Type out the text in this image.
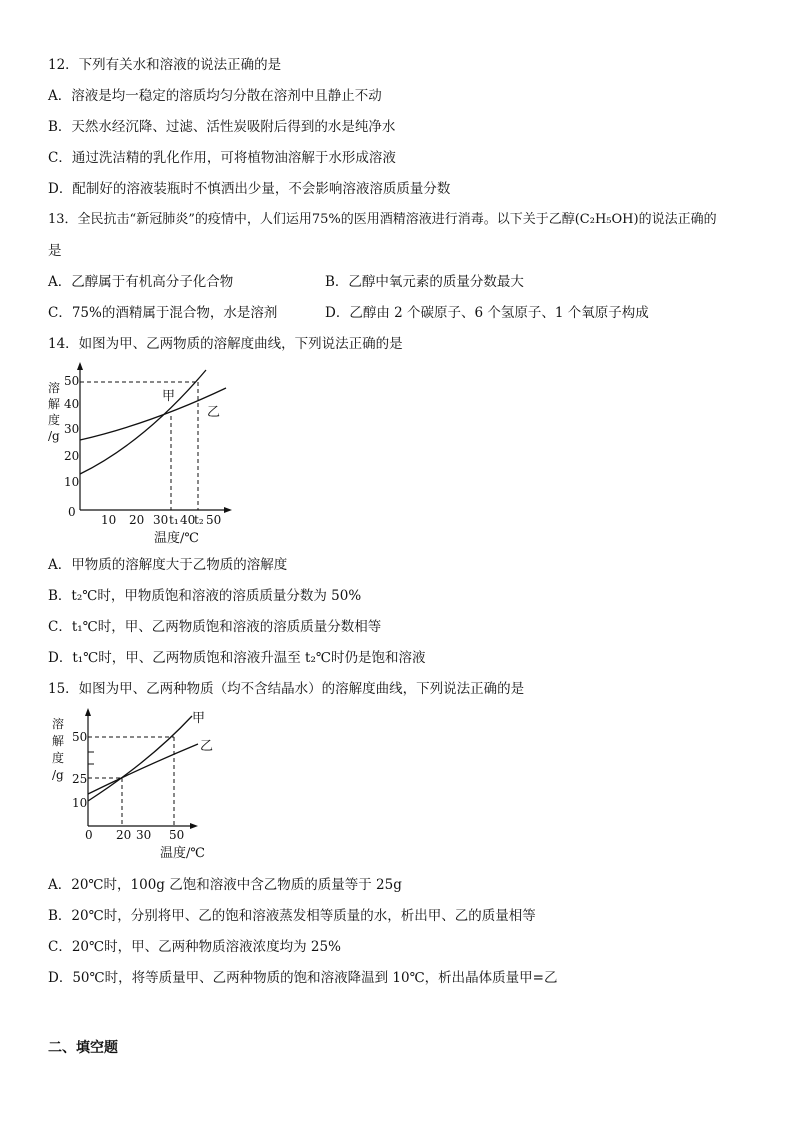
12．下列有关水和溶液的说法正确的是
A．溶液是均一稳定的溶质均匀分散在溶剂中且静止不动
B．天然水经沉降、过滤、活性炭吸附后得到的水是纯净水
C．通过洗洁精的乳化作用，可将植物油溶解于水形成溶液
D．配制好的溶液装瓶时不慎洒出少量，不会影响溶液溶质质量分数
13．全民抗击“新冠肺炎”的疫情中，人们运用75%的医用酒精溶液进行消毒。以下关于乙醇(C₂H₅OH)的说法正确的
是
A．乙醇属于有机高分子化合物	B．乙醇中氧元素的质量分数最大
C．75%的酒精属于混合物，水是溶剂	D．乙醇由 2 个碳原子、6 个氢原子、1 个氧原子构成
14．如图为甲、乙两物质的溶解度曲线，下列说法正确的是
溶
解
度
/g
10
20
30
40
50
0
10 20 30 t₁ 40
t₂ 50
温度/℃
甲
乙
A．甲物质的溶解度大于乙物质的溶解度
B．t₂℃时，甲物质饱和溶液的溶质质量分数为 50%
C．t₁℃时，甲、乙两物质饱和溶液的溶质质量分数相等
D．t₁℃时，甲、乙两物质饱和溶液升温至 t₂℃时仍是饱和溶液
15．如图为甲、乙两种物质（均不含结晶水）的溶解度曲线，下列说法正确的是
溶
解
度
/g
50
25
10
0 20 30 50
温度/℃
甲
乙
A．20℃时，100g 乙饱和溶液中含乙物质的质量等于 25g
B．20℃时，分别将甲、乙的饱和溶液蒸发相等质量的水，析出甲、乙的质量相等
C．20℃时，甲、乙两种物质溶液浓度均为 25%
D．50℃时，将等质量甲、乙两种物质的饱和溶液降温到 10℃，析出晶体质量甲=乙
二、填空题
